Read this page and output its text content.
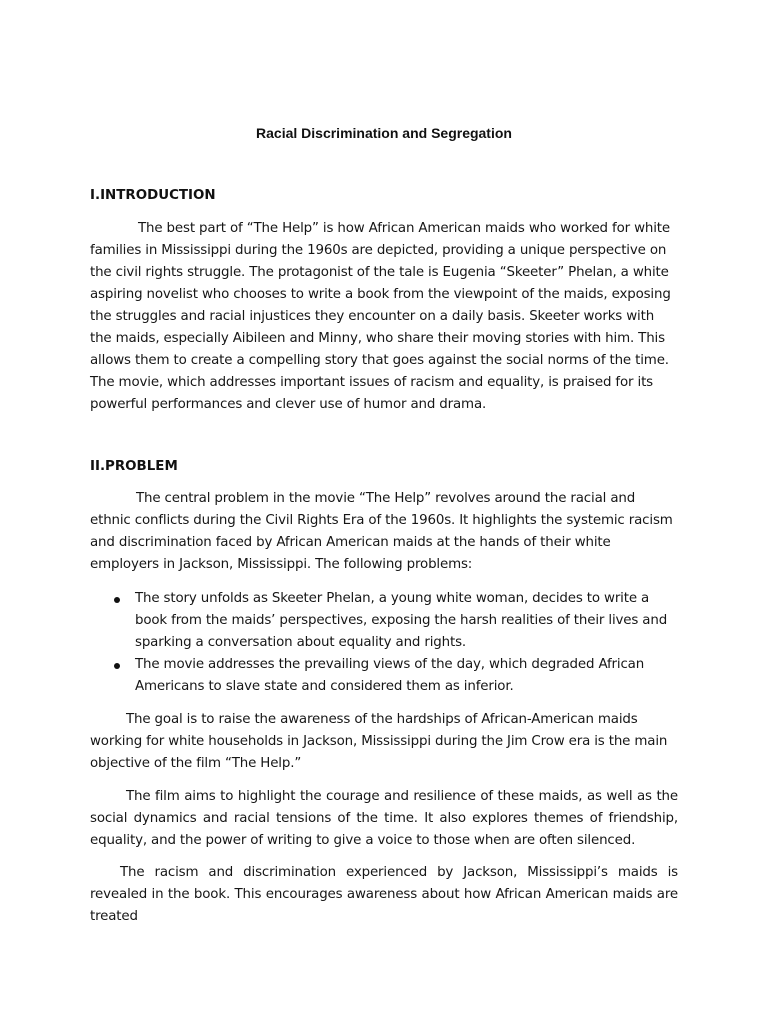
Racial Discrimination and Segregation
I.INTRODUCTION

The best part of “The Help” is how African American maids who worked for white families in Mississippi during the 1960s are depicted, providing a unique perspective on the civil rights struggle. The protagonist of the tale is Eugenia “Skeeter” Phelan, a white aspiring novelist who chooses to write a book from the viewpoint of the maids, exposing the struggles and racial injustices they encounter on a daily basis. Skeeter works with the maids, especially Aibileen and Minny, who share their moving stories with him. This allows them to create a compelling story that goes against the social norms of the time. The movie, which addresses important issues of racism and equality, is praised for its powerful performances and clever use of humor and drama.

II.PROBLEM

The central problem in the movie “The Help” revolves around the racial and ethnic conflicts during the Civil Rights Era of the 1960s. It highlights the systemic racism and discrimination faced by African American maids at the hands of their white employers in Jackson, Mississippi. The following problems:

The story unfolds as Skeeter Phelan, a young white woman, decides to write a book from the maids’ perspectives, exposing the harsh realities of their lives and sparking a conversation about equality and rights.
The movie addresses the prevailing views of the day, which degraded African Americans to slave state and considered them as inferior.

The goal is to raise the awareness of the hardships of African-American maids working for white households in Jackson, Mississippi during the Jim Crow era is the main objective of the film “The Help.”

The film aims to highlight the courage and resilience of these maids, as well as the social dynamics and racial tensions of the time. It also explores themes of friendship, equality, and the power of writing to give a voice to those when are often silenced.

The racism and discrimination experienced by Jackson, Mississippi’s maids is revealed in the book. This encourages awareness about how African American maids are treated
